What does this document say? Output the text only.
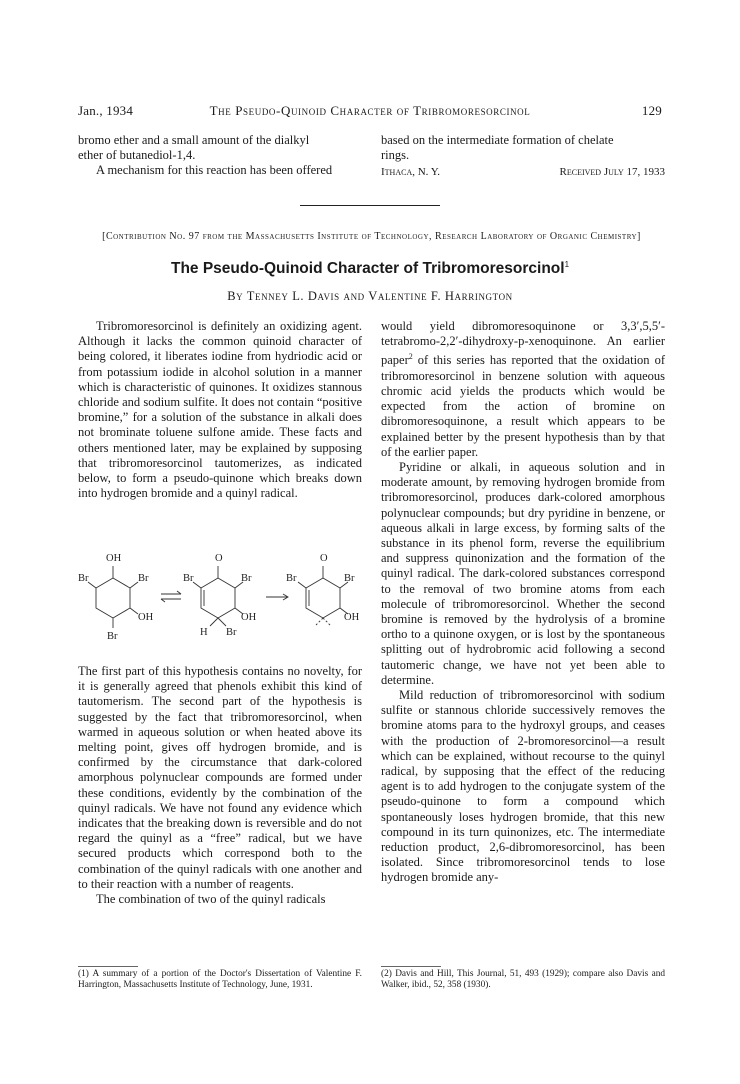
Jan., 1934	The Pseudo-Quinoid Character of Tribromoresorcinol	129

bromo ether and a small amount of the dialkyl

ether of butanediol-1,4.

A mechanism for this reaction has been offered

based on the intermediate formation of chelate

rings.

Ithaca, N. Y.	Received July 17, 1933
[Contribution No. 97 from the Massachusetts Institute of Technology, Research Laboratory of Organic Chemistry]
The Pseudo-Quinoid Character of Tribromoresorcinol$^1$
By Tenney L. Davis and Valentine F. Harrington

Tribromoresorcinol is definitely an oxidizing agent. Although it lacks the common quinoid character of being colored, it liberates iodine from hydriodic acid or from potassium iodide in alcohol solution in a manner which is characteristic of quinones. It oxidizes stannous chloride and sodium sulfite. It does not contain “positive bromine,” for a solution of the substance in alkali does not brominate toluene sulfone amide. These facts and others mentioned later, may be explained by supposing that tribromoresorcinol tautomerizes, as indicated below, to form a pseudo-quinone which breaks down into hydrogen bromide and a quinyl radical.

OH
Br	Br
OH
Br
O
Br	Br
OH
H Br
O
Br	Br
OH

The first part of this hypothesis contains no novelty, for it is generally agreed that phenols exhibit this kind of tautomerism. The second part of the hypothesis is suggested by the fact that tribromoresorcinol, when warmed in aqueous solution or when heated above its melting point, gives off hydrogen bromide, and is confirmed by the circumstance that dark-colored amorphous polynuclear compounds are formed under these conditions, evidently by the combination of the quinyl radicals. We have not found any evidence which indicates that the breaking down is reversible and do not regard the quinyl as a “free” radical, but we have secured products which correspond both to the combination of the quinyl radicals with one another and to their reaction with a number of reagents.

The combination of two of the quinyl radicals

(1) A summary of a portion of the Doctor's Dissertation of Valentine F. Harrington, Massachusetts Institute of Technology, June, 1931.

would yield dibromoresoquinone or 3,3′,5,5′-tetrabromo-2,2′-dihydroxy-p-xenoquinone. An earlier paper$^2$ of this series has reported that the oxidation of tribromoresorcinol in benzene solution with aqueous chromic acid yields the products which would be expected from the action of bromine on dibromoresoquinone, a result which appears to be explained better by the present hypothesis than by that of the earlier paper.

Pyridine or alkali, in aqueous solution and in moderate amount, by removing hydrogen bromide from tribromoresorcinol, produces dark-colored amorphous polynuclear compounds; but dry pyridine in benzene, or aqueous alkali in large excess, by forming salts of the substance in its phenol form, reverse the equilibrium and suppress quinonization and the formation of the quinyl radical. The dark-colored substances correspond to the removal of two bromine atoms from each molecule of tribromoresorcinol. Whether the second bromine is removed by the hydrolysis of a bromine ortho to a quinone oxygen, or is lost by the spontaneous splitting out of hydrobromic acid following a second tautomeric change, we have not yet been able to determine.

Mild reduction of tribromoresorcinol with sodium sulfite or stannous chloride successively removes the bromine atoms para to the hydroxyl groups, and ceases with the production of 2-bromoresorcinol—a result which can be explained, without recourse to the quinyl radical, by supposing that the effect of the reducing agent is to add hydrogen to the conjugate system of the pseudo-quinone to form a compound which spontaneously loses hydrogen bromide, that this new compound in its turn quinonizes, etc. The intermediate reduction product, 2,6-dibromoresorcinol, has been isolated. Since tribromoresorcinol tends to lose hydrogen bromide any-

(2) Davis and Hill, This Journal, 51, 493 (1929); compare also Davis and Walker, ibid., 52, 358 (1930).
